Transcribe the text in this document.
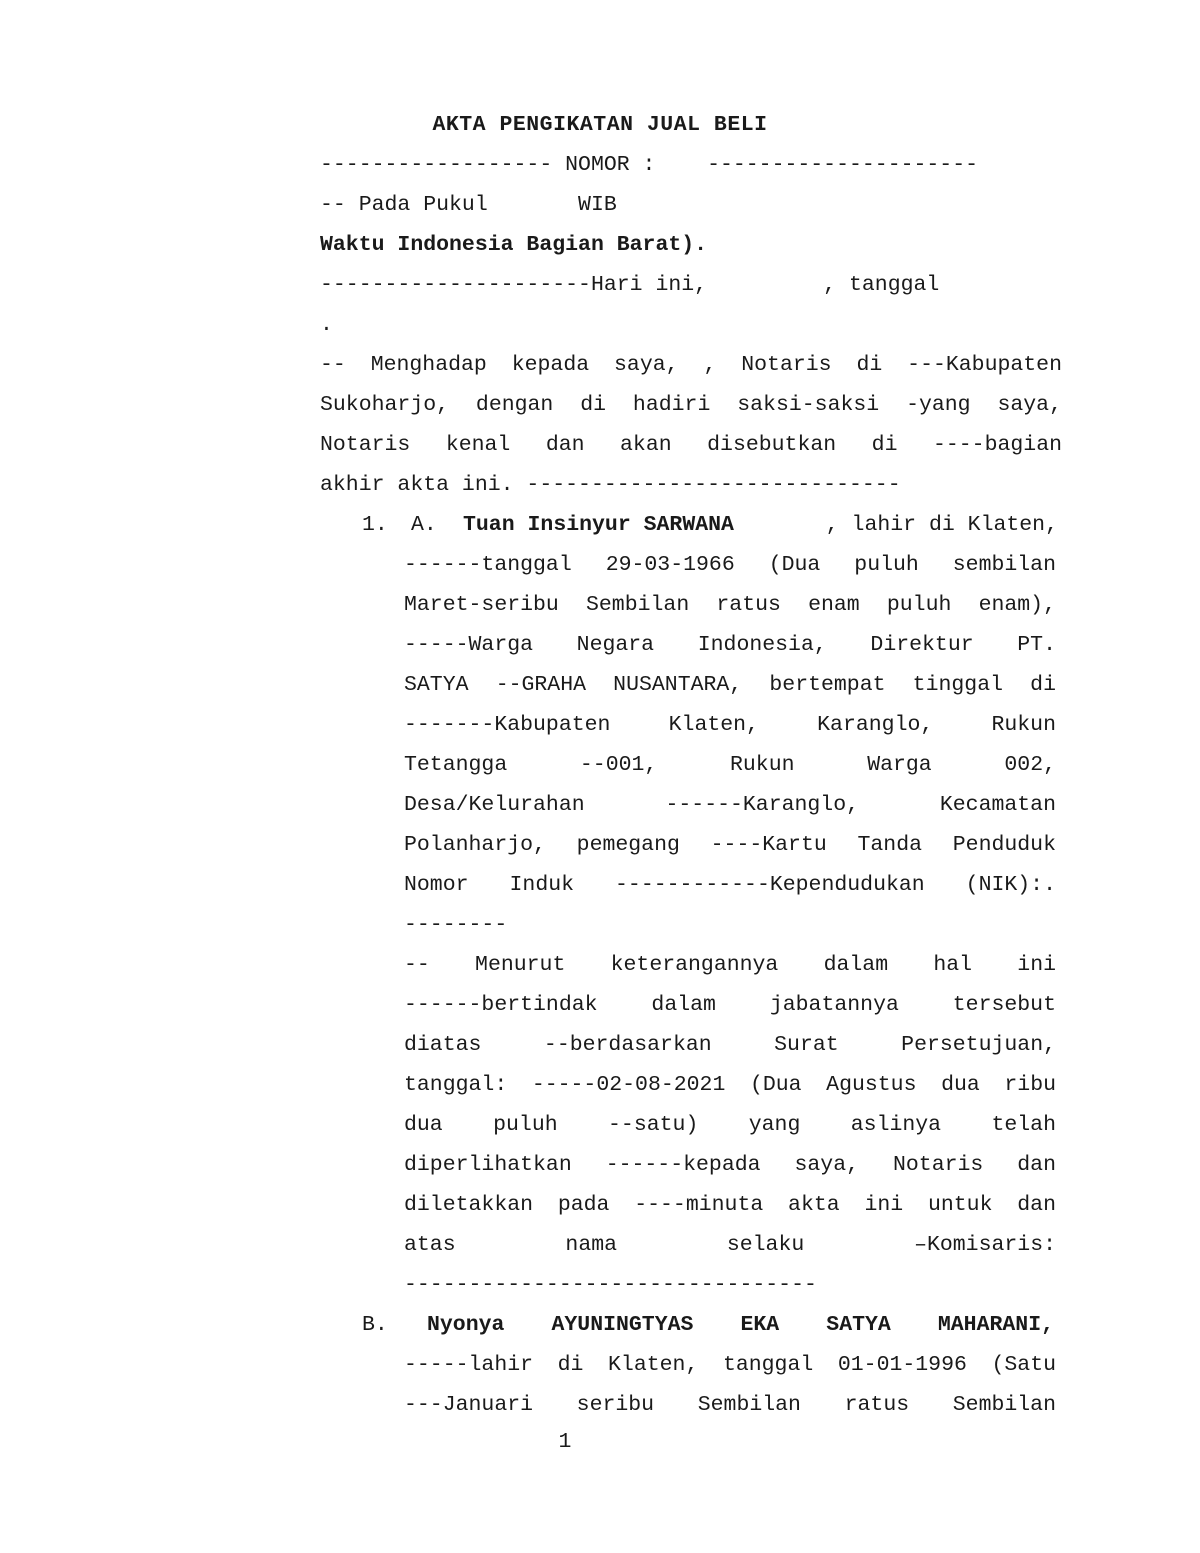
AKTA PENGIKATAN JUAL BELI
------------------ NOMOR :    ---------------------
-- Pada Pukul       WIB
Waktu Indonesia Bagian Barat).
---------------------Hari ini,         , tanggal
.
-- Menghadap kepada saya, , Notaris di ---Kabupaten
Sukoharjo, dengan di hadiri saksi-saksi -yang saya,
Notaris kenal dan akan disebutkan di ----bagian
akhir akta ini. -----------------------------
1. A. Tuan Insinyur SARWANA	, lahir di Klaten,
------tanggal 29-03-1966 (Dua puluh sembilan
Maret-seribu Sembilan ratus enam puluh enam),
-----Warga Negara Indonesia, Direktur PT.
SATYA --GRAHA NUSANTARA, bertempat tinggal di
-------Kabupaten Klaten, Karanglo, Rukun
Tetangga --001, Rukun Warga 002,
Desa/Kelurahan ------Karanglo, Kecamatan
Polanharjo, pemegang ----Kartu Tanda Penduduk
Nomor Induk ------------Kependudukan (NIK):.
--------
-- Menurut keterangannya dalam hal ini
------bertindak dalam jabatannya tersebut
diatas --berdasarkan Surat Persetujuan,
tanggal: -----02-08-2021 (Dua Agustus dua ribu
dua puluh --satu) yang aslinya telah
diperlihatkan ------kepada saya, Notaris dan
diletakkan pada ----minuta akta ini untuk dan
atas nama selaku –Komisaris:
--------------------------------
B. Nyonya AYUNINGTYAS EKA SATYA MAHARANI,
-----lahir di Klaten, tanggal 01-01-1996 (Satu
---Januari seribu Sembilan ratus Sembilan
1
